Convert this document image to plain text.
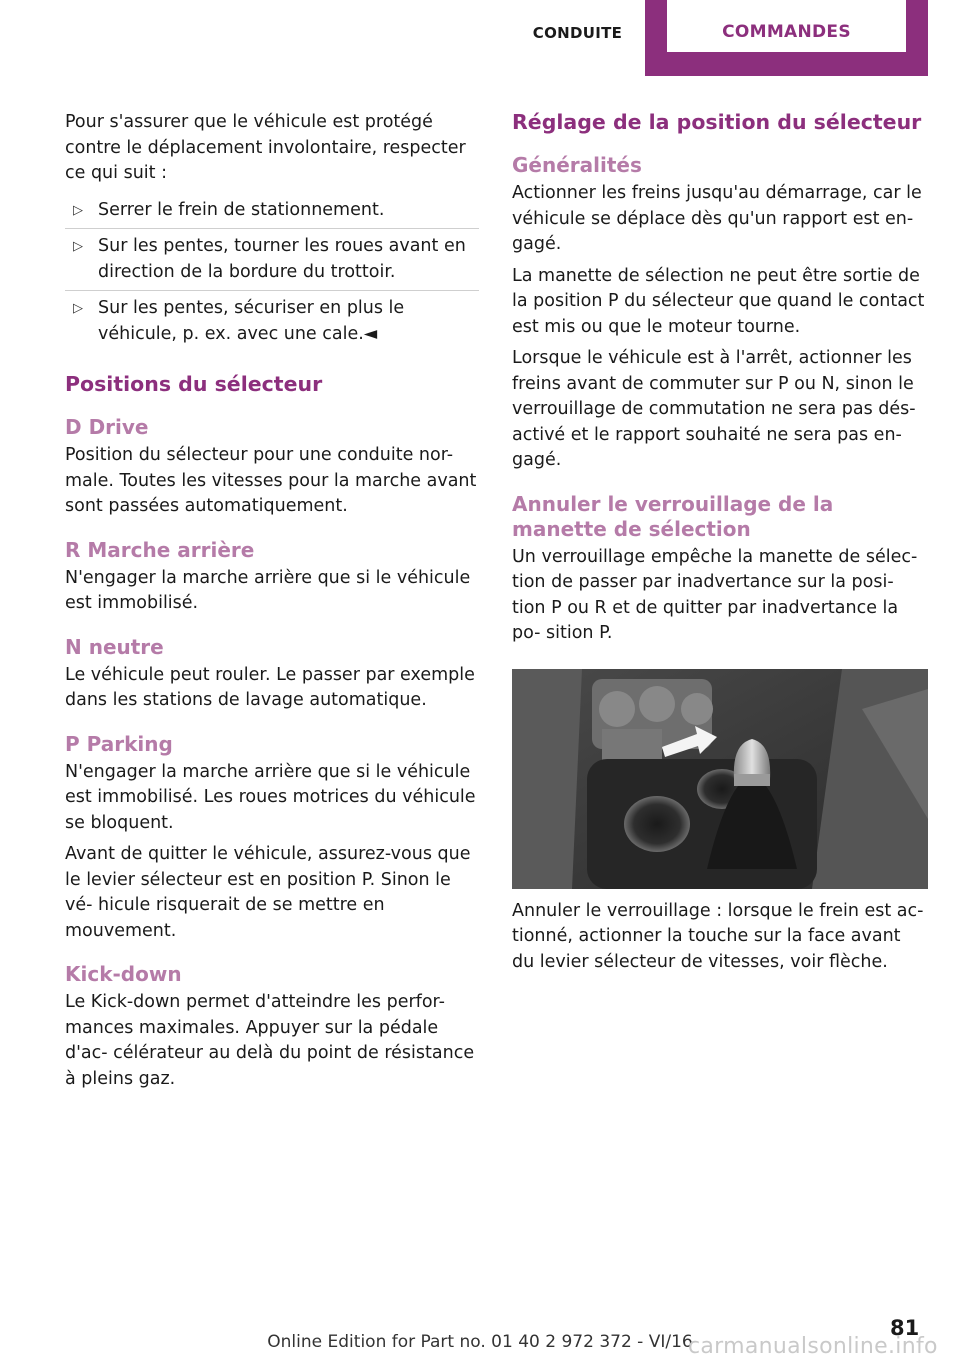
CONDUITE	COMMANDES

Pour s'assurer que le véhicule est protégé contre le déplacement involontaire, respecter ce qui suit :

▷ Serrer le frein de stationnement.
▷ Sur les pentes, tourner les roues avant en direction de la bordure du trottoir.
▷ Sur les pentes, sécuriser en plus le véhicule, p. ex. avec une cale.◄
Positions du sélecteur
D Drive

Position du sélecteur pour une conduite nor- male. Toutes les vitesses pour la marche avant sont passées automatiquement.

R Marche arrière

N'engager la marche arrière que si le véhicule est immobilisé.

N neutre

Le véhicule peut rouler. Le passer par exemple dans les stations de lavage automatique.

P Parking

N'engager la marche arrière que si le véhicule est immobilisé. Les roues motrices du véhicule se bloquent.

Avant de quitter le véhicule, assurez-vous que le levier sélecteur est en position P. Sinon le vé- hicule risquerait de se mettre en mouvement.

Kick-down

Le Kick-down permet d'atteindre les perfor- mances maximales. Appuyer sur la pédale d'ac- célérateur au delà du point de résistance à pleins gaz.

Réglage de la position du sélecteur
Généralités

Actionner les freins jusqu'au démarrage, car le véhicule se déplace dès qu'un rapport est en- gagé.

La manette de sélection ne peut être sortie de la position P du sélecteur que quand le contact est mis ou que le moteur tourne.

Lorsque le véhicule est à l'arrêt, actionner les freins avant de commuter sur P ou N, sinon le verrouillage de commutation ne sera pas dés- activé et le rapport souhaité ne sera pas en- gagé.

Annuler le verrouillage de la manette de sélection

Un verrouillage empêche la manette de sélec- tion de passer par inadvertance sur la posi- tion P ou R et de quitter par inadvertance la po- sition P.

Annuler le verrouillage : lorsque le frein est ac- tionné, actionner la touche sur la face avant du levier sélecteur de vitesses, voir flèche.

81
Online Edition for Part no. 01 40 2 972 372 - VI/16
carmanualsonline.info
